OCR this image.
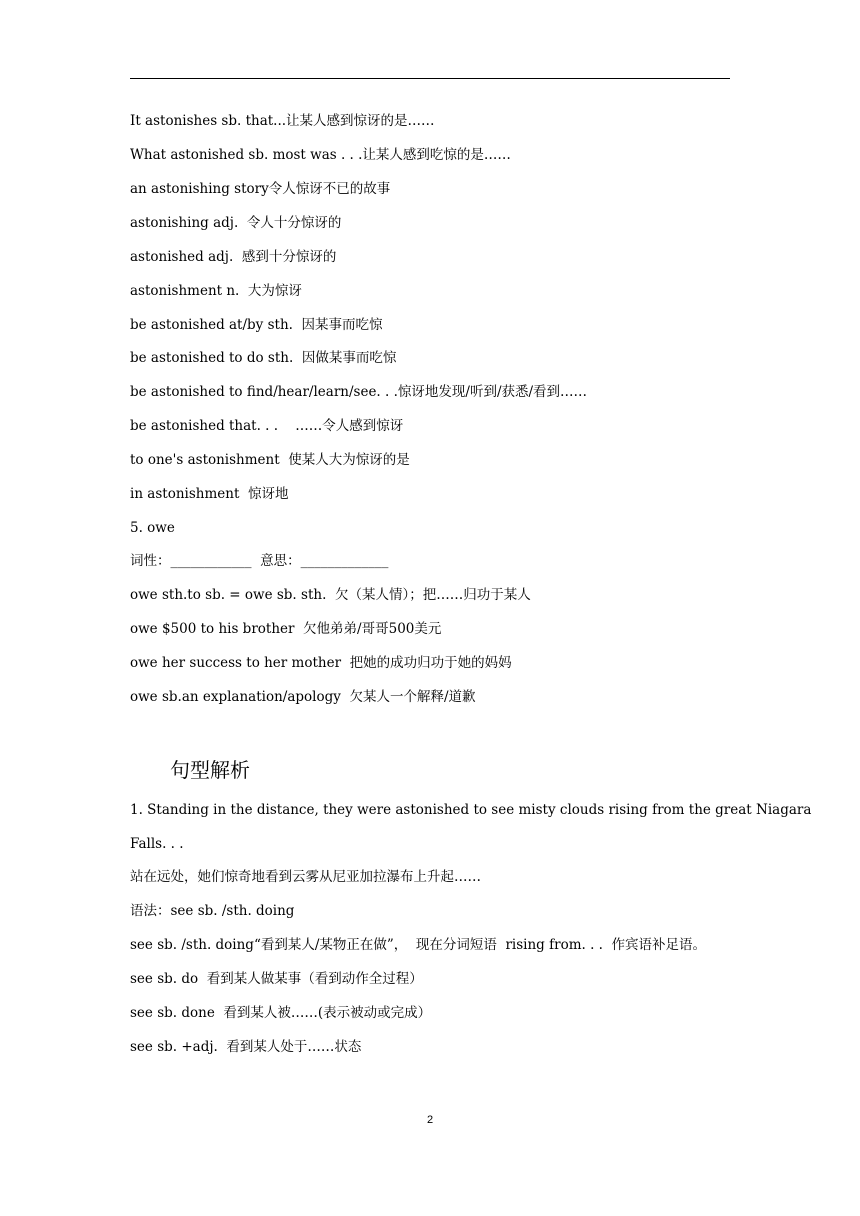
It astonishes sb. that...让某人感到惊讶的是……
What astonished sb. most was . . .让某人感到吃惊的是……
an astonishing story令人惊讶不已的故事
astonishing adj.  令人十分惊讶的
astonished adj.  感到十分惊讶的
astonishment n.  大为惊讶
be astonished at/by sth.  因某事而吃惊
be astonished to do sth.  因做某事而吃惊
be astonished to find/hear/learn/see. . .惊讶地发现/听到/获悉/看到……
be astonished that. . .    ……令人感到惊讶
to one's astonishment  使某人大为惊讶的是
in astonishment  惊讶地
5. owe
词性：____________  意思：_____________
owe sth.to sb. = owe sb. sth.  欠（某人情）；把……归功于某人
owe $500 to his brother  欠他弟弟/哥哥500美元
owe her success to her mother  把她的成功归功于她的妈妈
owe sb.an explanation/apology  欠某人一个解释/道歉
句型解析
1. Standing in the distance, they were astonished to see misty clouds rising from the great Niagara
Falls. . .
站在远处，她们惊奇地看到云雾从尼亚加拉瀑布上升起……
语法：see sb. /sth. doing
see sb. /sth. doing“看到某人/某物正在做”，  现在分词短语  rising from. . .  作宾语补足语。
see sb. do  看到某人做某事（看到动作全过程）
see sb. done  看到某人被……(表示被动或完成）
see sb. +adj.  看到某人处于……状态
2
